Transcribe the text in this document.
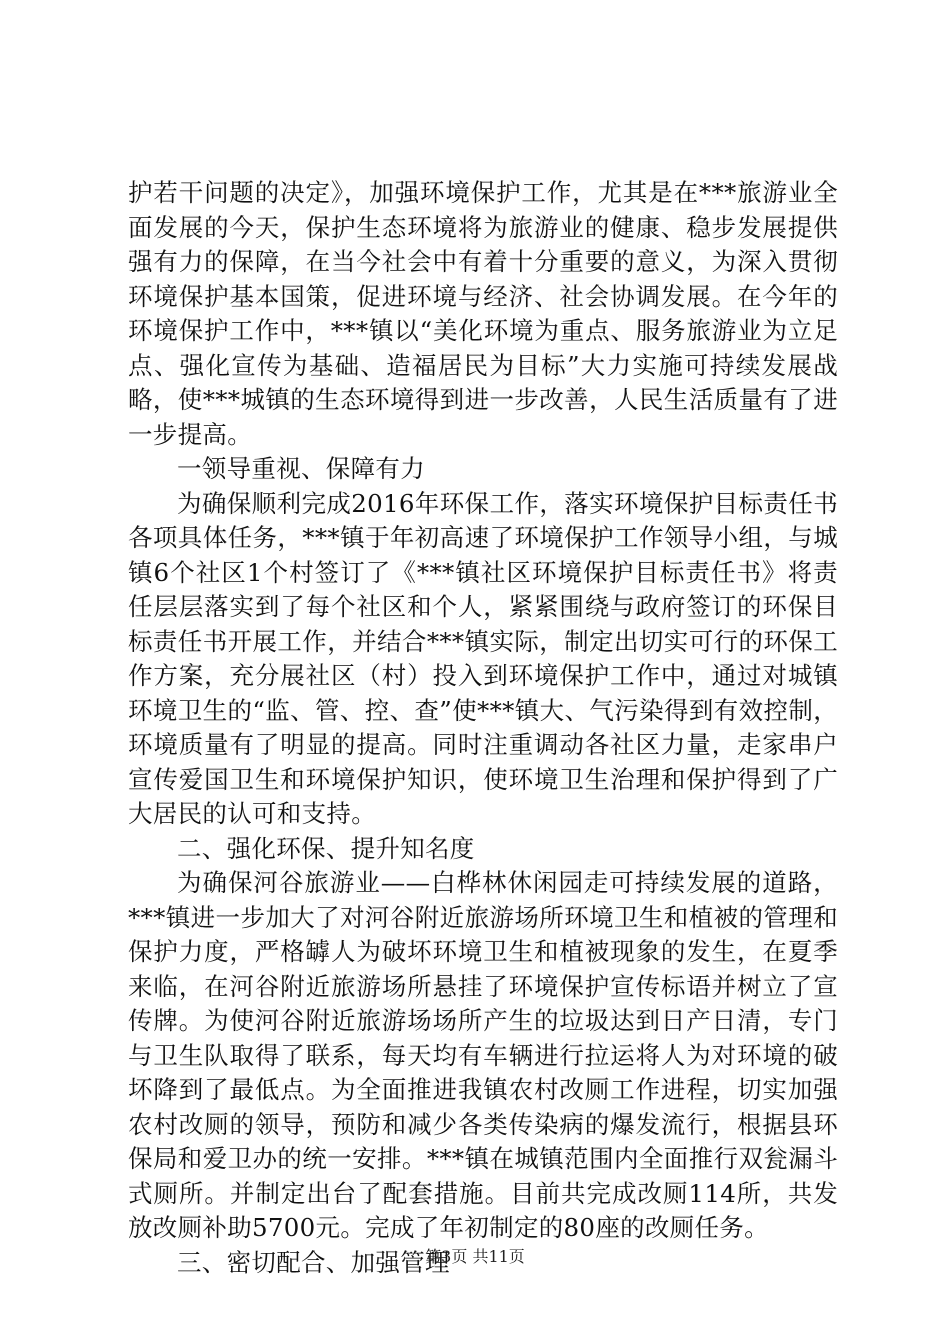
护若干问题的决定》，加强环境保护工作，尤其是在***旅游业全面发展的今天，保护生态环境将为旅游业的健康、稳步发展提供强有力的保障，在当今社会中有着十分重要的意义，为深入贯彻环境保护基本国策，促进环境与经济、社会协调发展。在今年的环境保护工作中，***镇以“美化环境为重点、服务旅游业为立足点、强化宣传为基础、造福居民为目标”大力实施可持续发展战略，使***城镇的生态环境得到进一步改善，人民生活质量有了进一步提高。

一领导重视、保障有力

为确保顺利完成2016年环保工作，落实环境保护目标责任书各项具体任务，***镇于年初高速了环境保护工作领导小组，与城镇6个社区1个村签订了《***镇社区环境保护目标责任书》将责任层层落实到了每个社区和个人，紧紧围绕与政府签订的环保目标责任书开展工作，并结合***镇实际，制定出切实可行的环保工作方案，充分展社区（村）投入到环境保护工作中，通过对城镇环境卫生的“监、管、控、查”使***镇大、气污染得到有效控制，环境质量有了明显的提高。同时注重调动各社区力量，走家串户宣传爱国卫生和环境保护知识，使环境卫生治理和保护得到了广大居民的认可和支持。

二、强化环保、提升知名度

为确保河谷旅游业——白桦林休闲园走可持续发展的道路，***镇进一步加大了对河谷附近旅游场所环境卫生和植被的管理和保护力度，严格罅人为破坏环境卫生和植被现象的发生，在夏季来临，在河谷附近旅游场所悬挂了环境保护宣传标语并树立了宣传牌。为使河谷附近旅游场场所产生的垃圾达到日产日清，专门与卫生队取得了联系，每天均有车辆进行拉运将人为对环境的破坏降到了最低点。为全面推进我镇农村改厕工作进程，切实加强农村改厕的领导，预防和减少各类传染病的爆发流行，根据县环保局和爱卫办的统一安排。***镇在城镇范围内全面推行双瓮漏斗式厕所。并制定出台了配套措施。目前共完成改厕114所，共发放改厕补助5700元。完成了年初制定的80座的改厕任务。

三、密切配合、加强管理

第3页 共11页
